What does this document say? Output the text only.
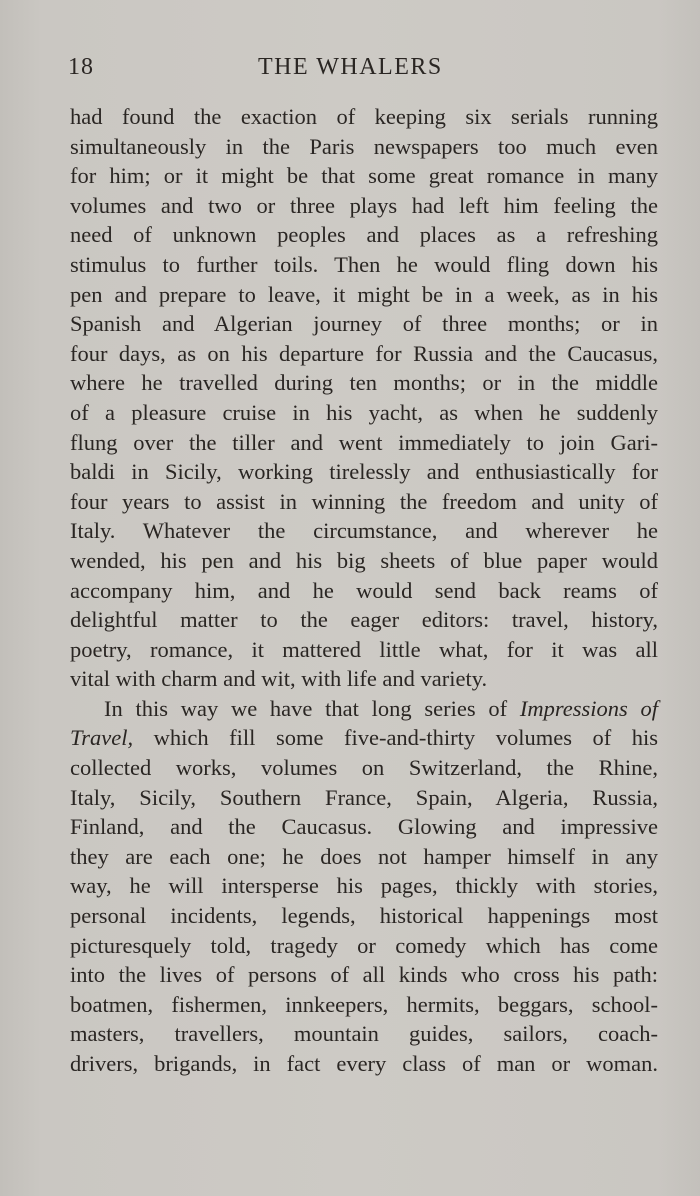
18	THE WHALERS
had found the exaction of keeping six serials running
simultaneously in the Paris newspapers too much even
for him; or it might be that some great romance in many
volumes and two or three plays had left him feeling the
need of unknown peoples and places as a refreshing
stimulus to further toils. Then he would fling down his
pen and prepare to leave, it might be in a week, as in his
Spanish and Algerian journey of three months; or in
four days, as on his departure for Russia and the Caucasus,
where he travelled during ten months; or in the middle
of a pleasure cruise in his yacht, as when he suddenly
flung over the tiller and went immediately to join Gari-
baldi in Sicily, working tirelessly and enthusiastically for
four years to assist in winning the freedom and unity of
Italy. Whatever the circumstance, and wherever he
wended, his pen and his big sheets of blue paper would
accompany him, and he would send back reams of
delightful matter to the eager editors: travel, history,
poetry, romance, it mattered little what, for it was all
vital with charm and wit, with life and variety.
In this way we have that long series of Impressions of
Travel, which fill some five-and-thirty volumes of his
collected works, volumes on Switzerland, the Rhine,
Italy, Sicily, Southern France, Spain, Algeria, Russia,
Finland, and the Caucasus. Glowing and impressive
they are each one; he does not hamper himself in any
way, he will intersperse his pages, thickly with stories,
personal incidents, legends, historical happenings most
picturesquely told, tragedy or comedy which has come
into the lives of persons of all kinds who cross his path:
boatmen, fishermen, innkeepers, hermits, beggars, school-
masters, travellers, mountain guides, sailors, coach-
drivers, brigands, in fact every class of man or woman.
